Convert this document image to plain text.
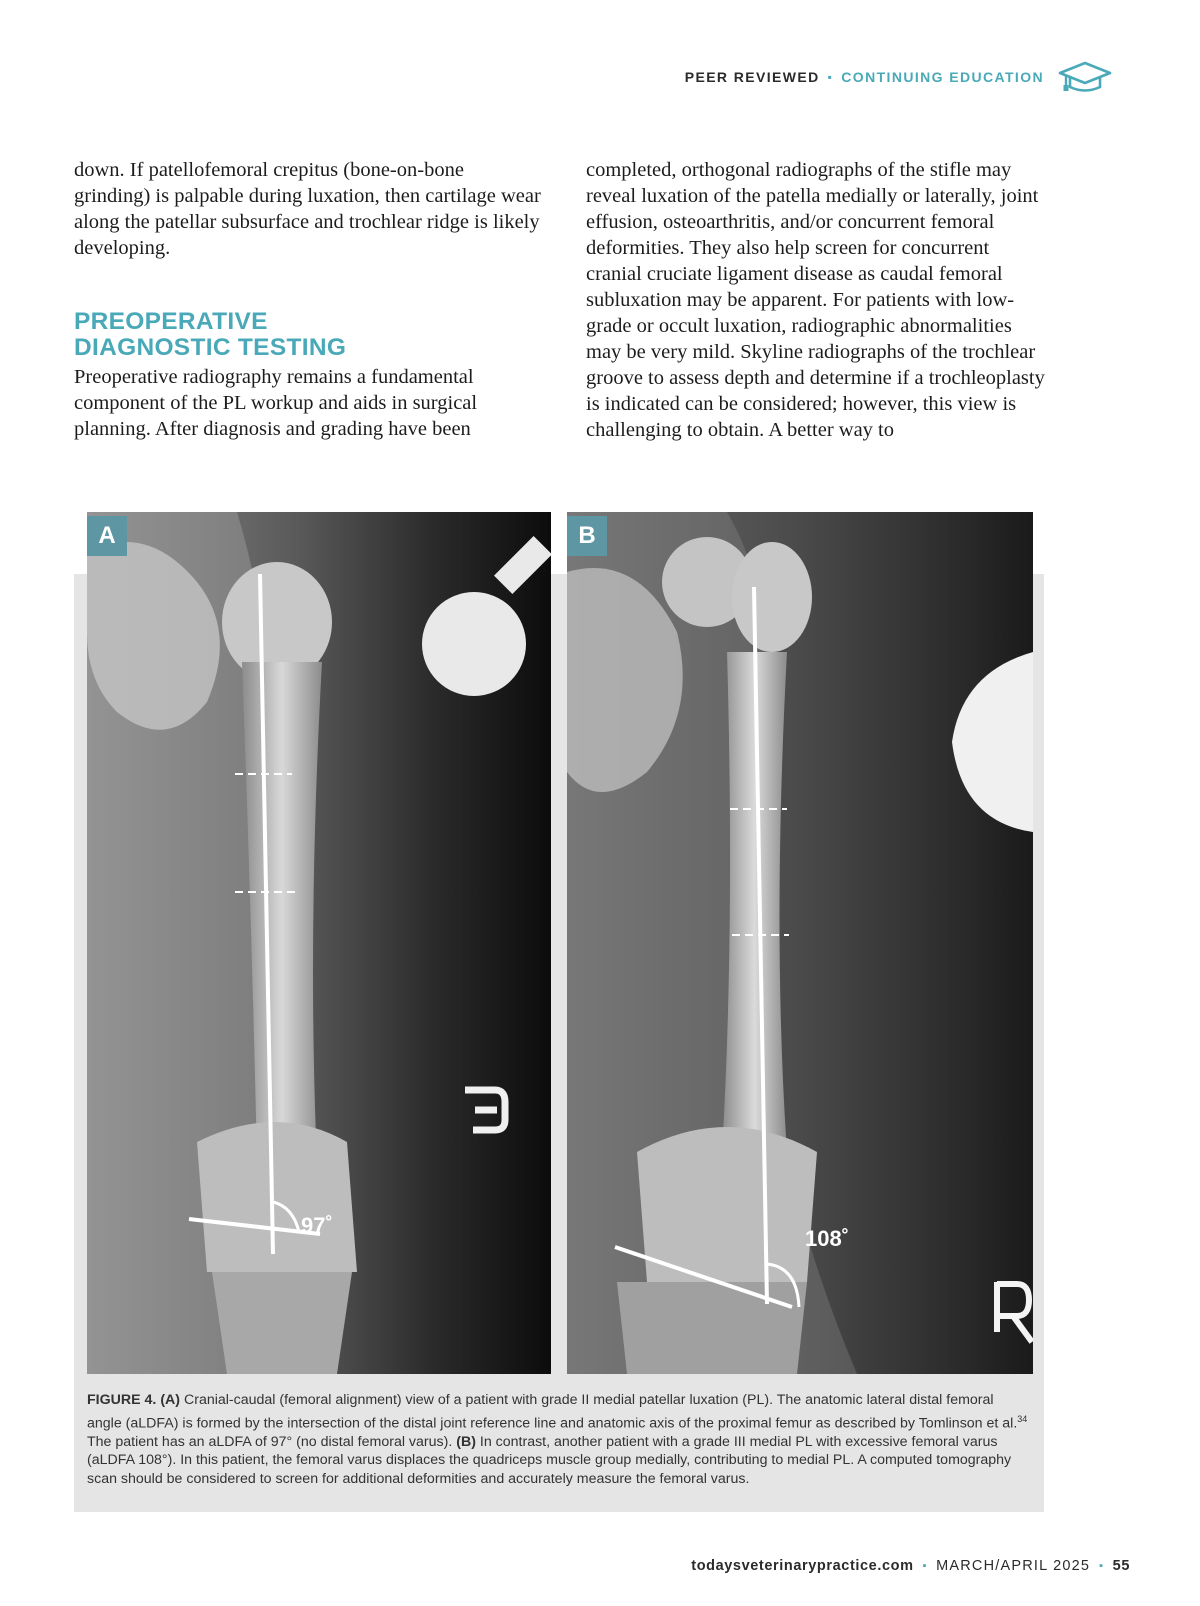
PEER REVIEWED ▪ CONTINUING EDUCATION

down. If patellofemoral crepitus (bone-on-bone grinding) is palpable during luxation, then cartilage wear along the patellar subsurface and trochlear ridge is likely developing.

PREOPERATIVE
DIAGNOSTIC TESTING

Preoperative radiography remains a fundamental component of the PL workup and aids in surgical planning. After diagnosis and grading have been

completed, orthogonal radiographs of the stifle may reveal luxation of the patella medially or laterally, joint effusion, osteoarthritis, and/or concurrent femoral deformities. They also help screen for concurrent cranial cruciate ligament disease as caudal femoral subluxation may be apparent. For patients with low-grade or occult luxation, radiographic abnormalities may be very mild. Skyline radiographs of the trochlear groove to assess depth and determine if a trochleoplasty is indicated can be considered; however, this view is challenging to obtain. A better way to

A	B
97˚
108˚
FIGURE 4. (A) Cranial-caudal (femoral alignment) view of a patient with grade II medial patellar luxation (PL). The anatomic lateral distal femoral angle (aLDFA) is formed by the intersection of the distal joint reference line and anatomic axis of the proximal femur as described by Tomlinson et al.$^{34}$ The patient has an aLDFA of 97° (no distal femoral varus). (B) In contrast, another patient with a grade III medial PL with excessive femoral varus (aLDFA 108°). In this patient, the femoral varus displaces the quadriceps muscle group medially, contributing to medial PL. A computed tomography scan should be considered to screen for additional deformities and accurately measure the femoral varus.
todaysveterinarypractice.com ▪ MARCH/APRIL 2025 ▪ 55
